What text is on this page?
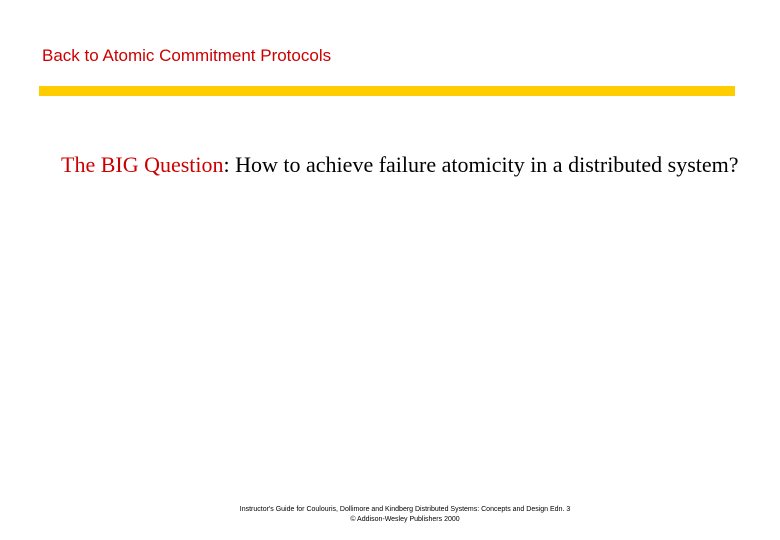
Back to Atomic Commitment Protocols
The BIG Question: How to achieve failure atomicity in a distributed system?
Instructor's Guide for Coulouris, Dollimore and Kindberg Distributed Systems: Concepts and Design Edn. 3
© Addison-Wesley Publishers 2000
